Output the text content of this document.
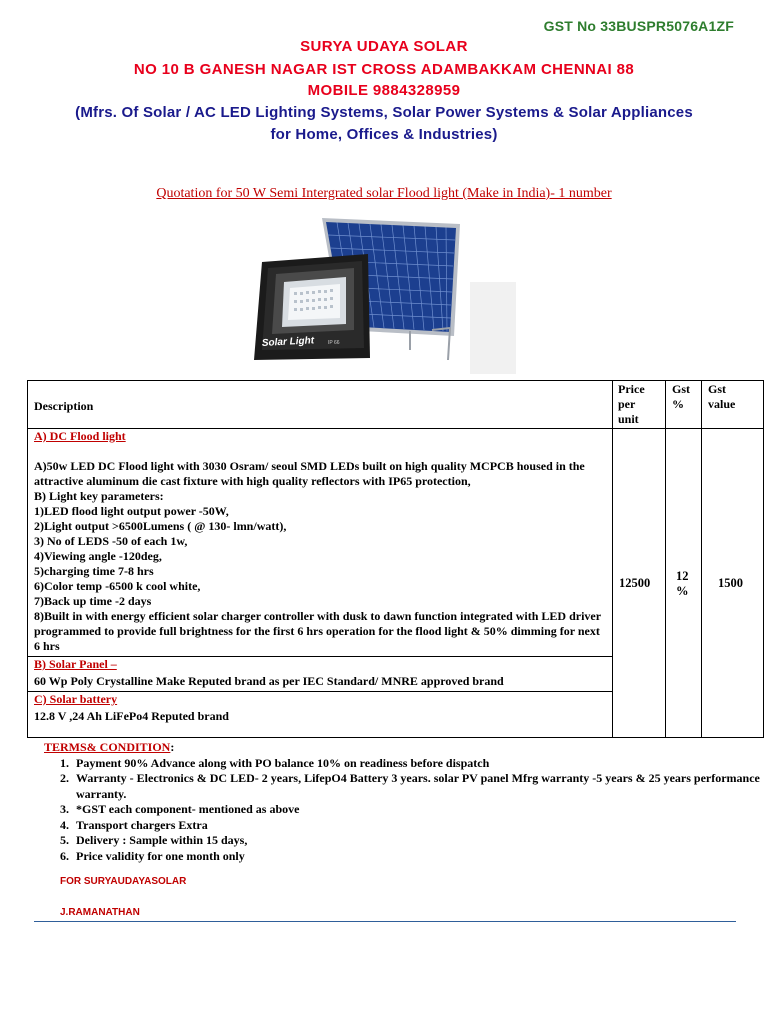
GST No 33BUSPR5076A1ZF
SURYA UDAYA SOLAR
NO 10 B GANESH NAGAR IST CROSS ADAMBAKKAM CHENNAI 88
MOBILE 9884328959
(Mfrs. Of Solar / AC LED Lighting Systems, Solar Power Systems & Solar Appliances
for Home, Offices & Industries)
Quotation for 50 W Semi Intergrated solar Flood light (Make in India)- 1 number
Solar Light	IP 66
Description
Price per unit
Gst %
Gst value
12500 12 %
1500
A) DC Flood light
A)50w LED DC Flood light with 3030 Osram/ seoul SMD LEDs built on high quality MCPCB housed in the attractive aluminum die cast fixture with high quality reflectors with IP65 protection,
B) Light key parameters:
1)LED flood light output power -50W,
2)Light output >6500Lumens ( @ 130- lmn/watt),
3) No of LEDS -50 of each 1w,
4)Viewing angle -120deg,
5)charging time 7-8 hrs
6)Color temp -6500 k cool white,
7)Back up time -2 days
8)Built in with energy efficient solar charger controller with dusk to dawn function integrated with LED driver programmed to provide full brightness for the first 6 hrs operation for the flood light & 50% dimming for next 6 hrs
B) Solar Panel –
60 Wp Poly Crystalline Make Reputed brand as per IEC Standard/ MNRE approved brand
C) Solar battery
12.8 V ,24 Ah LiFePo4 Reputed brand
TERMS& CONDITION:
1. Payment 90% Advance along with PO balance 10% on readiness before dispatch
2. Warranty - Electronics & DC LED- 2 years, LifepO4 Battery 3 years. solar PV panel Mfrg warranty -5 years & 25 years performance warranty.
3. *GST each component- mentioned as above
4. Transport chargers Extra
5. Delivery : Sample within 15 days,
6. Price validity for one month only
FOR SURYAUDAYASOLAR
J.RAMANATHAN
